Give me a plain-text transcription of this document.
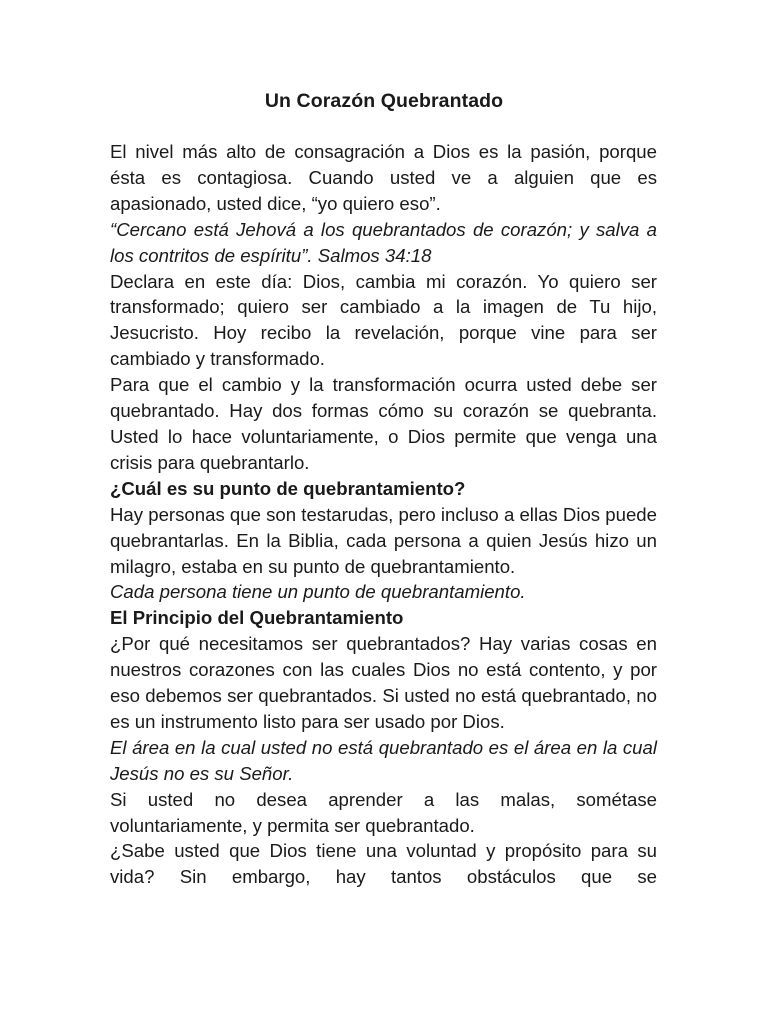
Un Corazón Quebrantado

El nivel más alto de consagración a Dios es la pasión, porque ésta es contagiosa. Cuando usted ve a alguien que es apasionado, usted dice, “yo quiero eso”.

“Cercano está Jehová a los quebrantados de corazón; y salva a los contritos de espíritu”. Salmos 34:18

Declara en este día: Dios, cambia mi corazón. Yo quiero ser transformado; quiero ser cambiado a la imagen de Tu hijo, Jesucristo. Hoy recibo la revelación, porque vine para ser cambiado y transformado.

Para que el cambio y la transformación ocurra usted debe ser quebrantado. Hay dos formas cómo su corazón se quebranta. Usted lo hace voluntariamente, o Dios permite que venga una crisis para quebrantarlo.

¿Cuál es su punto de quebrantamiento?

Hay personas que son testarudas, pero incluso a ellas Dios puede quebrantarlas. En la Biblia, cada persona a quien Jesús hizo un milagro, estaba en su punto de quebrantamiento.

Cada persona tiene un punto de quebrantamiento.

El Principio del Quebrantamiento

¿Por qué necesitamos ser quebrantados? Hay varias cosas en nuestros corazones con las cuales Dios no está contento, y por eso debemos ser quebrantados. Si usted no está quebrantado, no es un instrumento listo para ser usado por Dios.

El área en la cual usted no está quebrantado es el área en la cual Jesús no es su Señor.

Si usted no desea aprender a las malas, sométase voluntariamente, y permita ser quebrantado.

¿Sabe usted que Dios tiene una voluntad y propósito para su vida? Sin embargo, hay tantos obstáculos que se
